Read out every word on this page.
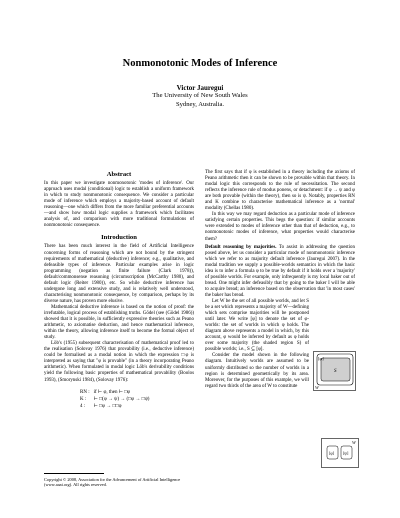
Nonmonotonic Modes of Inference
Victor Jauregui
The University of New South Wales
Sydney, Australia.
Abstract

In this paper we investigate nonmonotonic 'modes of inference'. Our approach uses modal (conditional) logic to establish a uniform framework in which to study nonmonotonic consequence. We consider a particular mode of inference which employs a majority-based account of default reasoning—one which differs from the more familiar preferential accounts—and show how modal logic supplies a framework which facilitates analysis of, and comparison with more traditional formulations of nonmonotonic consequence.

Introduction

There has been much interest in the field of Artificial Intelligence concerning forms of reasoning which are not bound by the stringent requirements of mathematical (deductive) inference; e.g., qualitative, and defeasible types of inference. Particular examples arise in logic programming (negation as finite failure (Clark 1978)), default/commonsense reasoning (circumscription (McCarthy 1980), and default logic (Reiter 1980)), etc. So while deductive inference has undergone long and extensive study, and is relatively well understood, characterising nonmonotonic consequence, by comparison, perhaps by its diverse nature, has proven more elusive.

Mathematical deductive inference is based on the notion of proof: the irrefutable, logical process of establishing truths. Gödel (see (Gödel 1986)) showed that it is possible, in sufficiently expressive theories such as Peano arithmetic, to axiomatise deduction, and hence mathematical inference, within the theory, allowing inference itself to become the formal object of study.

Löb's (1955) subsequent characterisation of mathematical proof led to the realisation (Solovay 1976) that provability (i.e., deductive inference) could be formalised as a modal notion in which the expression □φ is interpreted as saying that "φ is provable" (in a theory incorporating Peano arithmetic). When formulated in modal logic Löb's derivability conditions yield the following basic properties of mathematical provability (Boolos 1993), (Smorynski 1984), (Solovay 1976):

RN :	if ⊢ φ, then ⊢ □φ
K :	⊢ □(φ → ψ) → (□φ → □ψ)
4 :	⊢ □φ → □□φ
Copyright © 2008, Association for the Advancement of Artificial Intelligence (www.aaai.org). All rights reserved.

The first says that if φ is established in a theory including the axioms of Peano arithmetic then it can be shown to be provable within that theory. In modal logic this corresponds to the rule of necessitation. The second reflects the inference rule of modus ponens, or detachment: if φ → ψ and φ are both provable (within the theory), then so is ψ. Notably, properties RN and K combine to characterise mathematical inference as a 'normal' modality (Chellas 1980).

In this way we may regard deduction as a particular mode of inference satisfying certain properties. This begs the question: if similar accounts were extended to modes of inference other than that of deduction, e.g., to nonmonotonic modes of inference, what properties would characterise them?

Default reasoning by majorities. To assist in addressing the question posed above, let us consider a particular mode of nonmonotonic inference which we refer to as majority default inference (Jauregui 2007). In the modal tradition we supply a possible-worlds semantics in which the basic idea is to infer a formula φ to be true by default if it holds over a 'majority' of possible worlds. For example, only infrequently is my local baker out of bread. One might infer defeasibly that by going to the baker I will be able to acquire bread; an inference based on the observation that 'in most cases' the baker has bread.

Let W be the set of all possible worlds, and let S be a set which represents a majority of W—defining which sets comprise majorities will be postponed until later. We write [φ] to denote the set of φ-worlds: the set of worlds in which φ holds. The diagram above represents a model in which, by this account, φ would be inferred by default as φ holds over some majority (the shaded region S) of possible worlds; i.e., S ⊆ [φ].

Consider the model shown in the following diagram. Intuitively worlds are assumed to be uniformly distributed so the number of worlds in a region is determined geometrically by its area. Moreover, for the purposes of this example, we will regard two thirds of the area of W to constitute

[φ]
S
W
[φ] [ψ]
W
